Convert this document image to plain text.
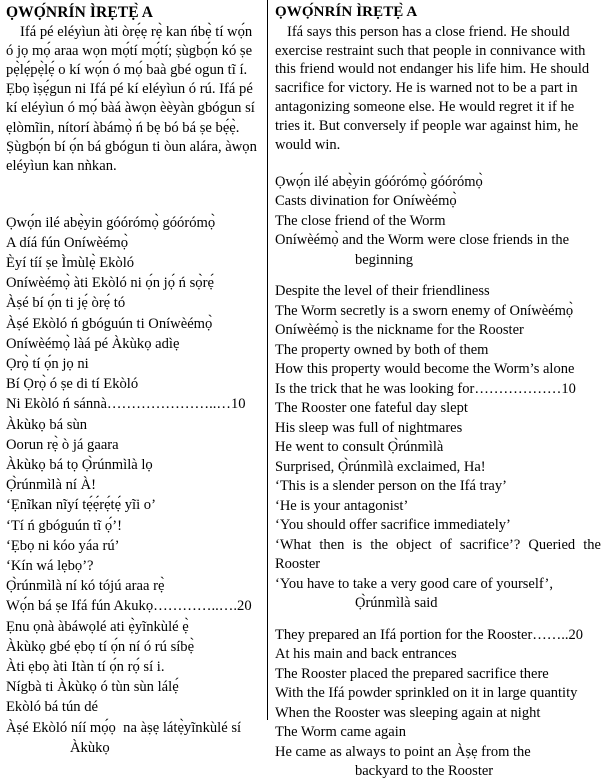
ỌWỌ́NRÍN ÌRẸTẸ̀ A

Ifá pé eléyìun àti òrẹ́ẹ rẹ̀ kan ńbẹ̀ tí wọ́n ó jọ mọ́ araa wọn mọ́tí mọ́tí; ṣùgbọ́n kó ṣe pẹ̀lẹ́pẹ̀lẹ́ o kí wọ́n ó mọ́ baà gbé ogun tĩ í. Ẹbọ ìṣẹ́gun ni Ifá pé kí eléyìun ó rú. Ifá pé kí eléyìun ó mọ́ bàá àwọn èèyàn gbógun sí ẹlòmĩin, nítorí àbámọ̀ ń bẹ bó bá ṣe bẹ́ẹ̀. Ṣùgbọ́n bí ọ́n bá gbógun ti òun alára, àwọn eléyìun kan nǹkan.

Ọwọ́n ilé abẹ̀yin góórómọ̀ góórómọ̀
A díá fún Oníwèémọ̀
Èyí tíí ṣe Ìmùlẹ̀ Ekòló
Oníwèémọ̀ àti Ekòló ni ọ́n jọ́ ń sọ̀rẹ́
Àṣé bí ọ́n ti jẹ́ òrẹ́ tó
Àṣé Ekòló ń gbóguún ti Oníwèémọ̀
Oníwèémọ̀ làá pé Àkùkọ adìẹ
Ọrọ̀ tí ọ́n jọ ni
Bí Ọrọ̀ ó ṣe di tí Ekòló
Ni Ekòló ń sánnà…………………..…10
Àkùkọ bá sùn
Oorun rẹ̀ ò já gaara
Àkùkọ bá tọ Ọ̀rúnmìlà lọ
Ọ̀rúnmìlà ní À!
‘Ẹnĩkan nĩyí tẹ́ẹ́rẹ́tẹ́ yĩi o’
‘Tí ń gbóguún tĩ ọ́’!
‘Ẹbọ ni kóo yáa rú’
‘Kín wá lẹbọ’?
Ọ̀rúnmìlà ní kó tójú araa rẹ̀
Wọ́n bá ṣe Ifá fún Akukọ…………..….20
Ẹnu ọnà àbáwọlé ati ẹ̀yĩnkùlé ẹ̀
Àkùkọ gbé ẹbọ tí ọ́n ní ó rú síbẹ̀
Àti ẹbọ àti Itàn tí ọ́n rọ́ sí i.
Nígbà ti Àkùkọ ó tùn sùn lálẹ́
Ekòló bá tún dé
Àṣé Ekòló níí mọ́ọ  na àṣẹ látẹ̀yĩnkùlé sí
Àkùkọ
ỌWỌ́NRÍN ÌRẸTẸ̀ A

Ifá says this person has a close friend. He should exercise restraint such that people in connivance with this friend would not endanger his life him. He should sacrifice for victory. He is warned not to be a part in antagonizing someone else. He would regret it if he tries it. But conversely if people war against him, he would win.

Ọwọ́n ilé abẹ̀yin góórómọ̀ góórómọ̀
Casts divination for Oníwèémọ̀
The close friend of the Worm
Oníwèémọ̀ and the Worm were close friends in the
beginning
Despite the level of their friendliness
The Worm secretly is a sworn enemy of Oníwèémọ̀
Oníwèémọ̀ is the nickname for the Rooster
The property owned by both of them
How this property would become the Worm’s alone
Is the trick that he was looking for………………10
The Rooster one fateful day slept
His sleep was full of nightmares
He went to consult Ọ̀rúnmìlà
Surprised, Ọ̀rúnmìlà exclaimed, Ha!
‘This is a slender person on the Ifá tray’
‘He is your antagonist’
‘You should offer sacrifice immediately’
‘What then is the object of sacrifice’? Queried the
Rooster
‘You have to take a very good care of yourself’,
Ọ̀rúnmìlà said
They prepared an Ifá portion for the Rooster……..20
At his main and back entrances
The Rooster placed the prepared sacrifice there
With the Ifá powder sprinkled on it in large quantity
When the Rooster was sleeping again at night
The Worm came again
He came as always to point an Àṣẹ from the
backyard to the Rooster
